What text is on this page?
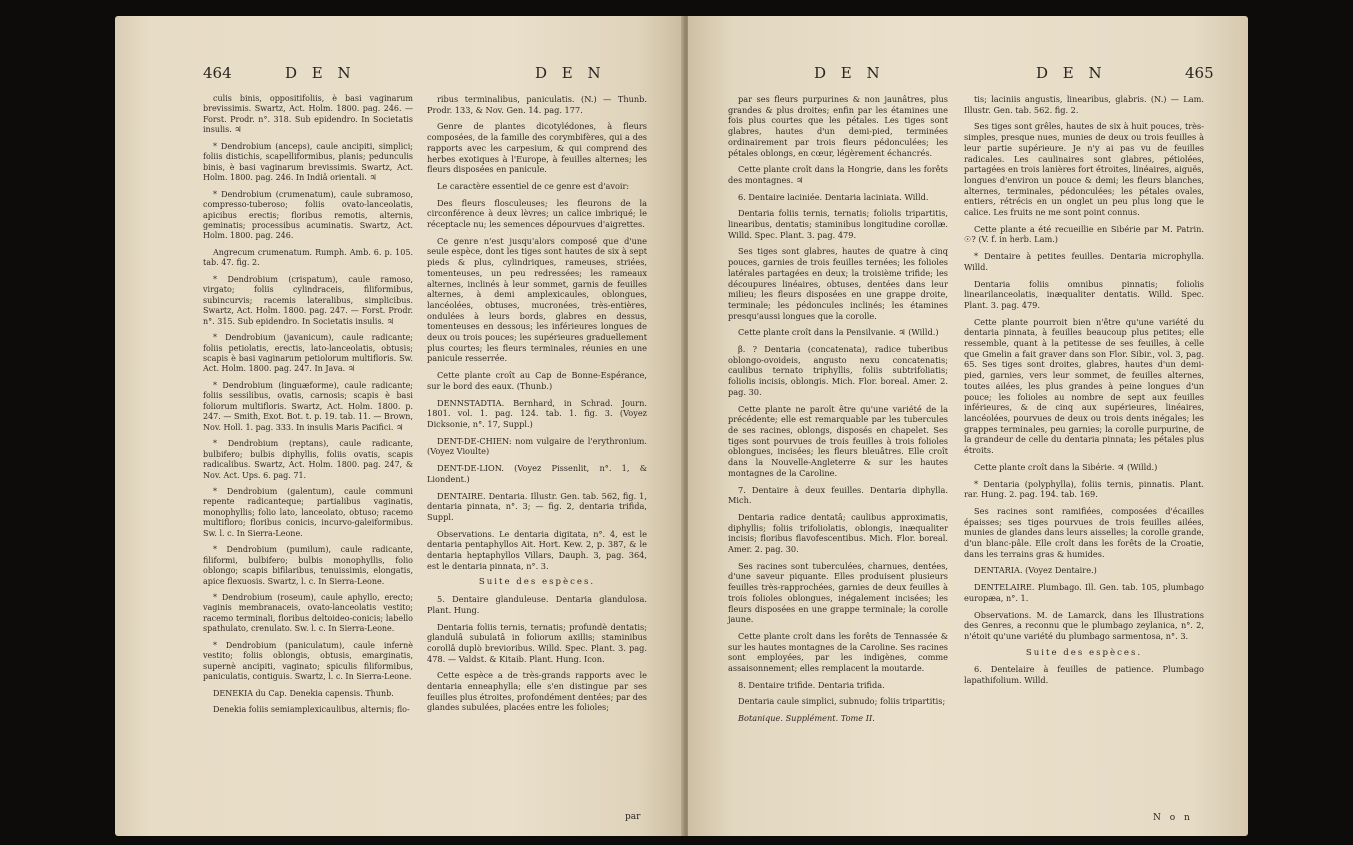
464	D E N	D E N

culis binis, oppositifoliis, è basi vaginarum brevissimis. Swartz, Act. Holm. 1800. pag. 246. — Forst. Prodr. n°. 318. Sub epidendro. In Societatis insulis. ♃

* Dendrobium (anceps), caule ancipiti, simplici; foliis distichis, scapelliformibus, planis; pedunculis binis, è basi vaginarum brevissimis. Swartz, Act. Holm. 1800. pag. 246. In Indiâ orientali. ♃

* Dendrobium (crumenatum), caule subramoso, compresso-tuberoso; foliis ovato-lanceolatis, apicibus erectis; floribus remotis, alternis, geminatis; processibus acuminatis. Swartz, Act. Holm. 1800. pag. 246.

Angrecum crumenatum. Rumph. Amb. 6. p. 105. tab. 47. fig. 2.

* Dendrobium (crispatum), caule ramoso, virgato; foliis cylindraceis, filiformibus, subincurvis; racemis lateralibus, simplicibus. Swartz, Act. Holm. 1800. pag. 247. — Forst. Prodr. n°. 315. Sub epidendro. In Societatis insulis. ♃

* Dendrobium (javanicum), caule radicante; foliis petiolatis, erectis, lato-lanceolatis, obtusis; scapis è basi vaginarum petiolorum multifloris. Sw. Act. Holm. 1800. pag. 247. In Java. ♃

* Dendrobium (linguæforme), caule radicante; foliis sessilibus, ovatis, carnosis; scapis è basi foliorum multifloris. Swartz, Act. Holm. 1800. p. 247. — Smith, Exot. Bot. t. p. 19. tab. 11. — Brown, Nov. Holl. 1. pag. 333. In insulis Maris Pacifici. ♃

* Dendrobium (reptans), caule radicante, bulbifero; bulbis diphyllis, foliis ovatis, scapis radicalibus. Swartz, Act. Holm. 1800. pag. 247, & Nov. Act. Ups. 6. pag. 71.

* Dendrobium (galentum), caule communi repente radicanteque; partialibus vaginatis, monophyllis; folio lato, lanceolato, obtuso; racemo multifloro; floribus conicis, incurvo-galeiformibus. Sw. l. c. In Sierra-Leone.

* Dendrobium (pumilum), caule radicante, filiformi, bulbifero; bulbis monophyllis, folio oblongo; scapis bifilaribus, tenuissimis, elongatis, apice flexuosis. Swartz, l. c. In Sierra-Leone.

* Dendrobium (roseum), caule aphyllo, erecto; vaginis membranaceis, ovato-lanceolatis vestito; racemo terminali, floribus deltoideo-conicis; labello spathulato, crenulato. Sw. l. c. In Sierra-Leone.

* Dendrobium (paniculatum), caule infernè vestito; foliis oblongis, obtusis, emarginatis, supernè ancipiti, vaginato; spiculis filiformibus, paniculatis, contiguis. Swartz, l. c. In Sierra-Leone.

DENEKIA du Cap. Denekia capensis. Thunb.

Denekia foliis semiamplexicaulibus, alternis; flo-

ribus terminalibus, paniculatis. (N.) — Thunb. Prodr. 133, & Nov. Gen. 14. pag. 177.

Genre de plantes dicotylédones, à fleurs composées, de la famille des corymbifères, qui a des rapports avec les carpesium, & qui comprend des herbes exotiques à l'Europe, à feuilles alternes; les fleurs disposées en panicule.

Le caractère essentiel de ce genre est d'avoir:

Des fleurs flosculeuses; les fleurons de la circonférence à deux lèvres; un calice imbriqué; le réceptacle nu; les semences dépourvues d'aigrettes.

Ce genre n'est jusqu'alors composé que d'une seule espèce, dont les tiges sont hautes de six à sept pieds & plus, cylindriques, rameuses, striées, tomenteuses, un peu redressées; les rameaux alternes, inclinés à leur sommet, garnis de feuilles alternes, à demi amplexicaules, oblongues, lancéolées, obtuses, mucronées, très-entières, ondulées à leurs bords, glabres en dessus, tomenteuses en dessous; les inférieures longues de deux ou trois pouces; les supérieures graduellement plus courtes; les fleurs terminales, réunies en une panicule resserrée.

Cette plante croît au Cap de Bonne-Espérance, sur le bord des eaux. (Thunb.)

DENNSTADTIA. Bernhard, in Schrad. Journ. 1801. vol. 1. pag. 124. tab. 1. fig. 3. (Voyez Dicksonie, n°. 17, Suppl.)

DENT-DE-CHIEN: nom vulgaire de l'erythronium. (Voyez Vioulte)

DENT-DE-LION. (Voyez Pissenlit, n°. 1, & Liondent.)

DENTAIRE. Dentaria. Illustr. Gen. tab. 562, fig. 1, dentaria pinnata, n°. 3; — fig. 2, dentaria trifida, Suppl.

Observations. Le dentaria digitata, n°. 4, est le dentaria pentaphyllos Ait. Hort. Kew. 2, p. 387, & le dentaria heptaphyllos Villars, Dauph. 3, pag. 364, est le dentaria pinnata, n°. 3.

Suite des espèces.

5. Dentaire glanduleuse. Dentaria glandulosa. Plant. Hung.

Dentaria foliis ternis, ternatis; profundè dentatis; glandulâ subulatâ in foliorum axillis; staminibus corollâ duplò brevioribus. Willd. Spec. Plant. 3. pag. 478. — Valdst. & Kitaib. Plant. Hung. Icon.

Cette espèce a de très-grands rapports avec le dentaria enneaphylla; elle s'en distingue par ses feuilles plus étroites, profondément dentées; par des glandes subulées, placées entre les folioles;

par
D E N	D E N	465

par ses fleurs purpurines & non jaunâtres, plus grandes & plus droites; enfin par les étamines une fois plus courtes que les pétales. Les tiges sont glabres, hautes d'un demi-pied, terminées ordinairement par trois fleurs pédonculées; les pétales oblongs, en cœur, légèrement échancrés.

Cette plante croît dans la Hongrie, dans les forêts des montagnes. ♃

6. Dentaire laciniée. Dentaria laciniata. Willd.

Dentaria foliis ternis, ternatis; foliolis tripartitis, linearibus, dentatis; staminibus longitudine corollæ. Willd. Spec. Plant. 3. pag. 479.

Ses tiges sont glabres, hautes de quatre à cinq pouces, garnies de trois feuilles ternées; les folioles latérales partagées en deux; la troisième trifide; les découpures linéaires, obtuses, dentées dans leur milieu; les fleurs disposées en une grappe droite, terminale; les pédoncules inclinés; les étamines presqu'aussi longues que la corolle.

Cette plante croît dans la Pensilvanie. ♃ (Willd.)

β. ? Dentaria (concatenata), radice tuberibus oblongo-ovoideis, angusto nexu concatenatis; caulibus ternato triphyllis, foliis subtrifoliatis; foliolis incisis, oblongis. Mich. Flor. boreal. Amer. 2. pag. 30.

Cette plante ne paroît être qu'une variété de la précédente; elle est remarquable par les tubercules de ses racines, oblongs, disposés en chapelet. Ses tiges sont pourvues de trois feuilles à trois folioles oblongues, incisées; les fleurs bleuâtres. Elle croît dans la Nouvelle-Angleterre & sur les hautes montagnes de la Caroline.

7. Dentaire à deux feuilles. Dentaria diphylla. Mich.

Dentaria radice dentatâ; caulibus approximatis, diphyllis; foliis trifoliolatis, oblongis, inæqualiter incisis; floribus flavofescentibus. Mich. Flor. boreal. Amer. 2. pag. 30.

Ses racines sont tuberculées, charnues, dentées, d'une saveur piquante. Elles produisent plusieurs feuilles très-rapprochées, garnies de deux feuilles à trois folioles oblongues, inégalement incisées; les fleurs disposées en une grappe terminale; la corolle jaune.

Cette plante croît dans les forêts de Tennassée & sur les hautes montagnes de la Caroline. Ses racines sont employées, par les indigènes, comme assaisonnement; elles remplacent la moutarde.

8. Dentaire trifide. Dentaria trifida.

Dentaria caule simplici, subnudo; foliis tripartitis;

Botanique. Supplément. Tome II.

tis; laciniis angustis, linearibus, glabris. (N.) — Lam. Illustr. Gen. tab. 562. fig. 2.

Ses tiges sont grêles, hautes de six à huit pouces, très-simples, presque nues, munies de deux ou trois feuilles à leur partie supérieure. Je n'y ai pas vu de feuilles radicales. Les caulinaires sont glabres, pétiolées, partagées en trois lanières fort étroites, linéaires, aiguës, longues d'environ un pouce & demi; les fleurs blanches, alternes, terminales, pédonculées; les pétales ovales, entiers, rétrécis en un onglet un peu plus long que le calice. Les fruits ne me sont point connus.

Cette plante a été recueillie en Sibérie par M. Patrin. ☉? (V. f. in herb. Lam.)

* Dentaire à petites feuilles. Dentaria microphylla. Willd.

Dentaria foliis omnibus pinnatis; foliolis linearilanceolatis, inæqualiter dentatis. Willd. Spec. Plant. 3. pag. 479.

Cette plante pourroit bien n'être qu'une variété du dentaria pinnata, à feuilles beaucoup plus petites; elle ressemble, quant à la petitesse de ses feuilles, à celle que Gmelin a fait graver dans son Flor. Sibir., vol. 3, pag. 65. Ses tiges sont droites, glabres, hautes d'un demi-pied, garnies, vers leur sommet, de feuilles alternes, toutes ailées, les plus grandes à peine longues d'un pouce; les folioles au nombre de sept aux feuilles inférieures, & de cinq aux supérieures, linéaires, lancéolées, pourvues de deux ou trois dents inégales; les grappes terminales, peu garnies; la corolle purpurine, de la grandeur de celle du dentaria pinnata; les pétales plus étroits.

Cette plante croît dans la Sibérie. ♃ (Willd.)

* Dentaria (polyphylla), foliis ternis, pinnatis. Plant. rar. Hung. 2. pag. 194. tab. 169.

Ses racines sont ramifiées, composées d'écailles épaisses; ses tiges pourvues de trois feuilles ailées, munies de glandes dans leurs aisselles; la corolle grande, d'un blanc-pâle. Elle croît dans les forêts de la Croatie, dans les terrains gras & humides.

DENTARIA. (Voyez Dentaire.)

DENTELAIRE. Plumbago. Ill. Gen. tab. 105, plumbago europæa, n°. 1.

Observations. M. de Lamarck, dans les Illustrations des Genres, a reconnu que le plumbago zeylanica, n°. 2, n'étoit qu'une variété du plumbago sarmentosa, n°. 3.

Suite des espèces.

6. Dentelaire à feuilles de patience. Plumbago lapathifolium. Willd.

N o n
